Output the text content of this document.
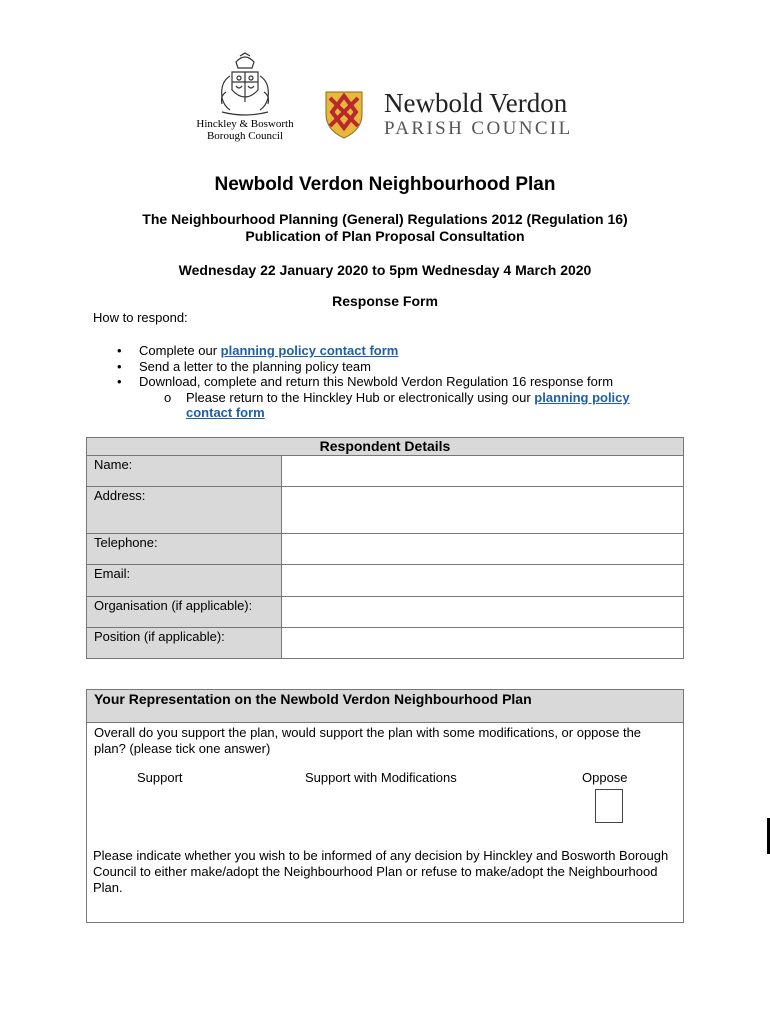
Hinckley & Bosworth
Borough Council
Newbold Verdon
PARISH COUNCIL
Newbold Verdon Neighbourhood Plan
The Neighbourhood Planning (General) Regulations 2012 (Regulation 16)
Publication of Plan Proposal Consultation
Wednesday 22 January 2020 to 5pm Wednesday 4 March 2020
Response Form
How to respond:
• Complete our planning policy contact form
• Send a letter to the planning policy team
• Download, complete and return this Newbold Verdon Regulation 16 response form
o Please return to the Hinckley Hub or electronically using our planning policy
contact form
Respondent Details	
Name:	
Address:	
Telephone:	
Email:	
Organisation (if applicable):	
Position (if applicable):	
Your Representation on the Newbold Verdon Neighbourhood Plan

Overall do you support the plan, would support the plan with some modifications, or oppose the plan? (please tick one answer)
Support	Support with Modifications	Oppose
Please indicate whether you wish to be informed of any decision by Hinckley and Bosworth Borough Council to either make/adopt the Neighbourhood Plan or refuse to make/adopt the Neighbourhood Plan.
